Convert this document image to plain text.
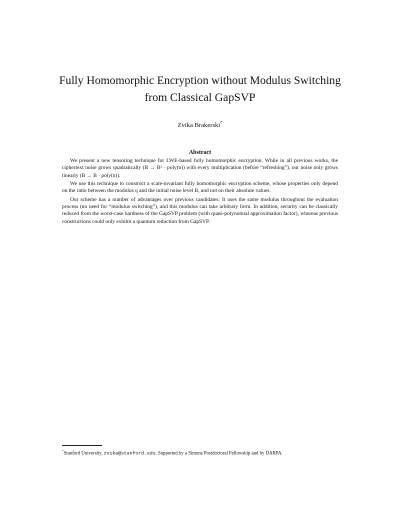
Fully Homomorphic Encryption without Modulus Switching
from Classical GapSVP
Zvika Brakerski*
Abstract

We present a new tensoring technique for LWE-based fully homomorphic encryption. While in all previous works, the ciphertext noise grows quadratically (B → B² · poly(n)) with every multiplication (before “refreshing”), our noise only grows linearly (B → B · poly(n)).

We use this technique to construct a scale-invariant fully homomorphic encryption scheme, whose properties only depend on the ratio between the modulus q and the initial noise level B, and not on their absolute values.

Our scheme has a number of advantages over previous candidates: It uses the same modulus throughout the evaluation process (no need for “modulus switching”), and this modulus can take arbitrary form. In addition, security can be classically reduced from the worst-case hardness of the GapSVP problem (with quasi-polynomial approximation factor), whereas previous constructions could only exhibit a quantum reduction from GapSVP.

*Stanford University, zvika@stanford.edu. Supported by a Simons Postdoctoral Fellowship and by DARPA.
